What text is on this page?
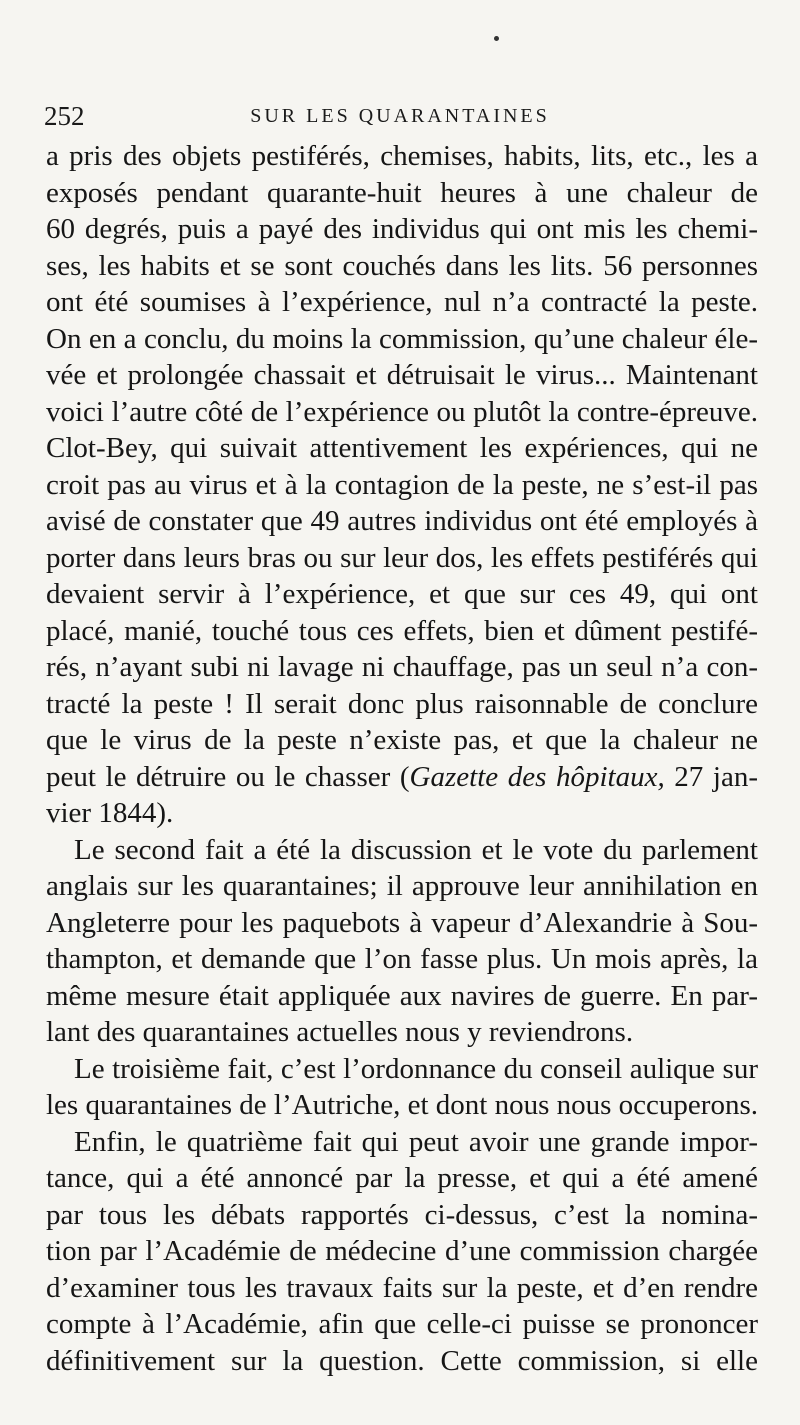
252	SUR LES QUARANTAINES
a pris des objets pestiférés, chemises, habits, lits, etc., les a
exposés pendant quarante-huit heures à une chaleur de
60 degrés, puis a payé des individus qui ont mis les chemi-
ses, les habits et se sont couchés dans les lits. 56 personnes
ont été soumises à l’expérience, nul n’a contracté la peste.
On en a conclu, du moins la commission, qu’une chaleur éle-
vée et prolongée chassait et détruisait le virus... Maintenant
voici l’autre côté de l’expérience ou plutôt la contre-épreuve.
Clot-Bey, qui suivait attentivement les expériences, qui ne
croit pas au virus et à la contagion de la peste, ne s’est-il pas
avisé de constater que 49 autres individus ont été employés à
porter dans leurs bras ou sur leur dos, les effets pestiférés qui
devaient servir à l’expérience, et que sur ces 49, qui ont
placé, manié, touché tous ces effets, bien et dûment pestifé-
rés, n’ayant subi ni lavage ni chauffage, pas un seul n’a con-
tracté la peste ! Il serait donc plus raisonnable de conclure
que le virus de la peste n’existe pas, et que la chaleur ne
peut le détruire ou le chasser (Gazette des hôpitaux, 27 jan-
vier 1844).
Le second fait a été la discussion et le vote du parlement
anglais sur les quarantaines; il approuve leur annihilation en
Angleterre pour les paquebots à vapeur d’Alexandrie à Sou-
thampton, et demande que l’on fasse plus. Un mois après, la
même mesure était appliquée aux navires de guerre. En par-
lant des quarantaines actuelles nous y reviendrons.
Le troisième fait, c’est l’ordonnance du conseil aulique sur
les quarantaines de l’Autriche, et dont nous nous occuperons.
Enfin, le quatrième fait qui peut avoir une grande impor-
tance, qui a été annoncé par la presse, et qui a été amené
par tous les débats rapportés ci-dessus, c’est la nomina-
tion par l’Académie de médecine d’une commission chargée
d’examiner tous les travaux faits sur la peste, et d’en rendre
compte à l’Académie, afin que celle-ci puisse se prononcer
définitivement sur la question. Cette commission, si elle
